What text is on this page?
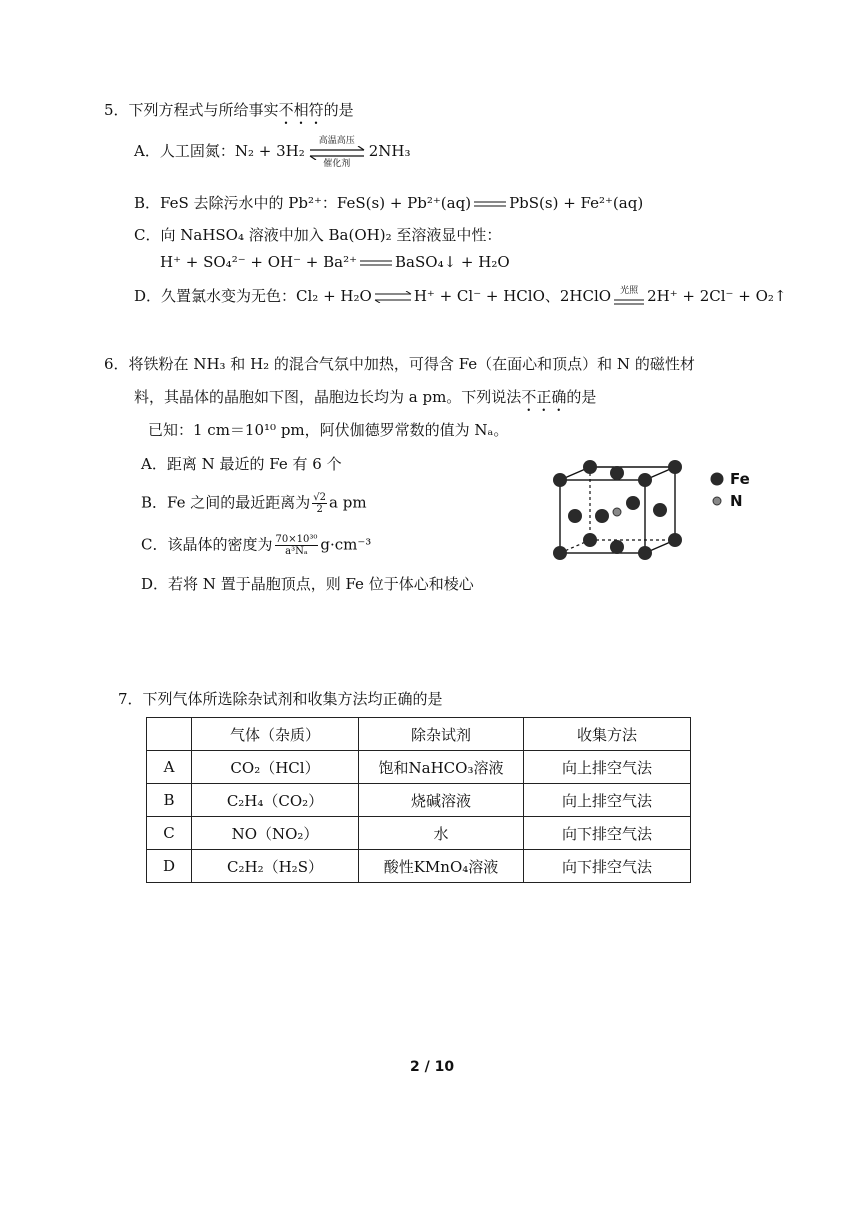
5．下列方程式与所给事实不相符的是
A．人工固氮：N₂ + 3H₂
高温高压
催化剂
2NH₃
B．FeS 去除污水中的 Pb²⁺：FeS(s) + Pb²⁺(aq)	PbS(s) + Fe²⁺(aq)
C．向 NaHSO₄ 溶液中加入 Ba(OH)₂ 至溶液显中性：
H⁺ + SO₄²⁻ + OH⁻ + Ba²⁺	BaSO₄↓ + H₂O
D．久置氯水变为无色：Cl₂ + H₂O ⇌ H⁺ + Cl⁻ + HClO、2HClO 光照 2H⁺ + 2Cl⁻ + O₂↑
6．将铁粉在 NH₃ 和 H₂ 的混合气氛中加热，可得含 Fe（在面心和顶点）和 N 的磁性材
料，其晶体的晶胞如下图，晶胞边长均为 a pm。下列说法不正确的是
已知：1 cm＝10¹⁰ pm，阿伏伽德罗常数的值为 Nₐ。
A．距离 N 最近的 Fe 有 6 个
B．Fe 之间的最近距离为 $\frac{√2}{2}$ a pm
C．该晶体的密度为 $\frac{\text{70×10³⁰}}{\text{a³Nₐ}} g\cdot cm^{-3}$
D．若将 N 置于晶胞顶点，则 Fe 位于体心和棱心
Fe
N
7．下列气体所选除杂试剂和收集方法均正确的是
	气体（杂质）	除杂试剂	收集方法
A	CO₂（HCl）	饱和NaHCO₃溶液	向上排空气法
B	C₂H₄（CO₂）	烧碱溶液	向上排空气法
C	NO（NO₂）	水	向下排空气法
D	C₂H₂（H₂S）	酸性KMnO₄溶液	向下排空气法
2 / 10
